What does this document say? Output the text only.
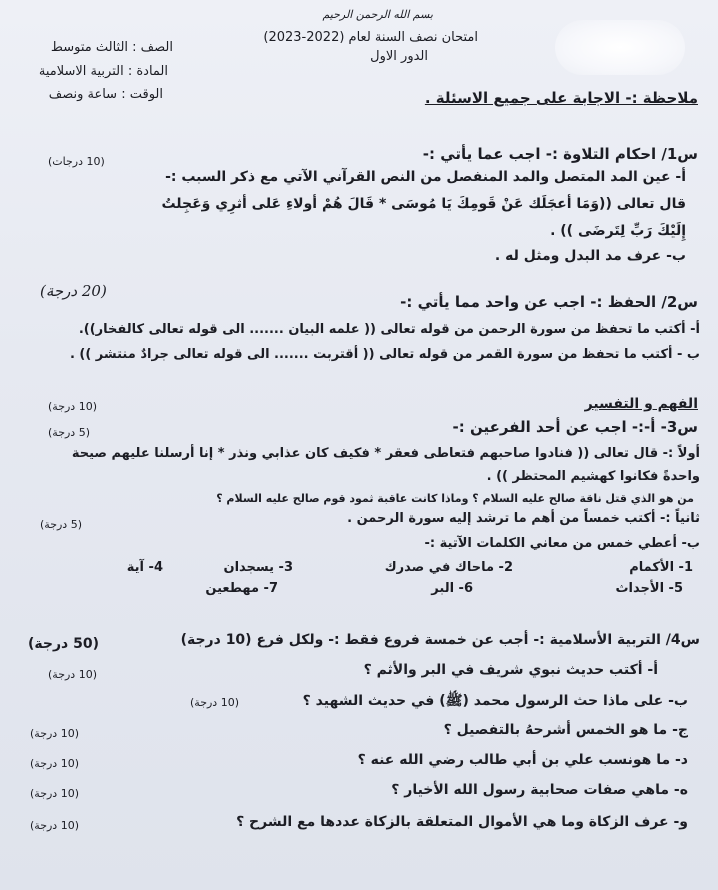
بسم الله الرحمن الرحيم
امتحان نصف السنة لعام (2022-2023)
الدور الاول
الصف : الثالث متوسط
المادة : التربية الاسلامية
الوقت : ساعة ونصف	ملاحظة :- الاجابة على جميع الاسئلة .
س1/ احكام التلاوة :- اجب عما يأتي :-
(10 درجات)
أ- عين المد المتصل والمد المنفصل من النص القرآني الآتي مع ذكر السبب :-
قال تعالى ((وَمَا أعجَلَك عَنْ قَومِكَ يَا مُوسَى * قَالَ هُمْ أولاءِ عَلى أثرِي وَعَجِلتُ
إِلَيْكَ رَبِّ لِتَرضَى )) .
ب- عرف مد البدل ومثل له .
س2/ الحفظ :- اجب عن واحد مما يأتي :-
(20 درجة)
أ- أكتب ما تحفظ من سورة الرحمن من قوله تعالى (( علمه البيان ....... الى قوله تعالى كالفخار)).
ب - أكتب ما تحفظ من سورة القمر من قوله تعالى (( أقتربت ....... الى قوله تعالى جرادٌ منتشر )) .
الفهم و التفسير
(10 درجة)
س3- أ-:- اجب عن أحد الفرعين :-
(5 درجة)
أولاً :- قال تعالى (( فنادوا صاحبهم فتعاطى فعقر * فكيف كان عذابي ونذر * إنا أرسلنا عليهم صيحة
واحدةً فكانوا كهشيم المحتظر )) .
من هو الذي قتل ناقة صالح عليه السلام ؟ وماذا كانت عاقبة ثمود قوم صالح عليه السلام ؟
ثانياً :- أكتب خمساً من أهم ما ترشد إليه سورة الرحمن .
(5 درجة)
ب- أعطي خمس من معاني الكلمات الآتية :-
1- الأكمام
2- ماحاك في صدرك
3- يسجدان
4- آية
5- الأجداث
6- البر
7- مهطعين
س4/ التربية الأسلامية :- أجب عن خمسة فروع فقط :- ولكل فرع (10 درجة)
(50 درجة)
أ- أكتب حديث نبوي شريف في البر والأثم ؟
(10 درجة)
ب- على ماذا حث الرسول محمد (ﷺ) في حديث الشهيد ؟
(10 درجة)
ج- ما هو الخمس أشرحهُ بالتفصيل ؟
(10 درجة)
د- ما هونسب علي بن أبي طالب رضي الله عنه ؟
(10 درجة)
ه- ماهي صفات صحابية رسول الله الأخيار ؟
(10 درجة)
و- عرف الزكاة وما هي الأموال المتعلقة بالزكاة عددها مع الشرح ؟
(10 درجة)
